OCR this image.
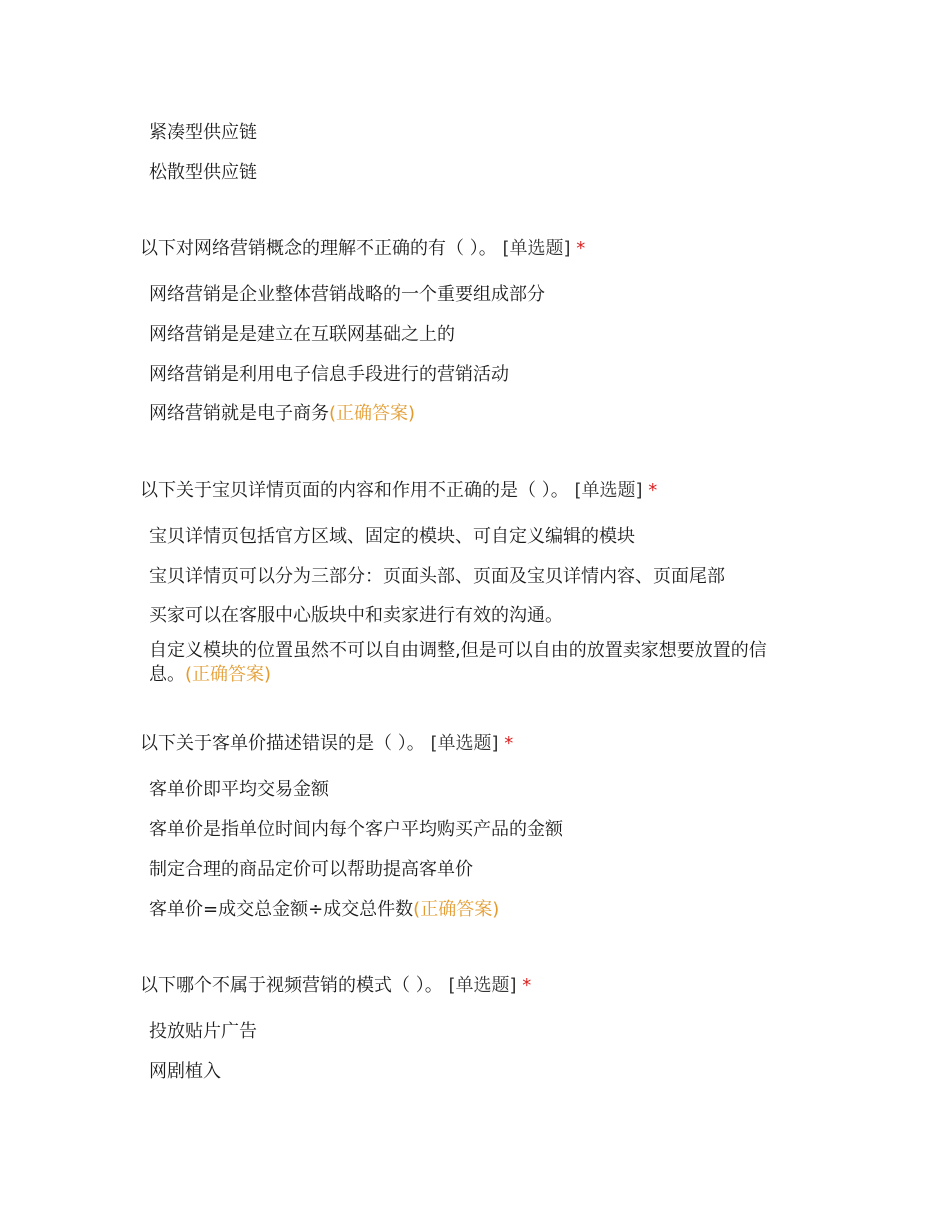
紧凑型供应链
松散型供应链
以下对网络营销概念的理解不正确的有（ ）。 [单选题] *
网络营销是企业整体营销战略的一个重要组成部分
网络营销是是建立在互联网基础之上的
网络营销是利用电子信息手段进行的营销活动
网络营销就是电子商务(正确答案)
以下关于宝贝详情页面的内容和作用不正确的是（ ）。 [单选题] *
宝贝详情页包括官方区域、固定的模块、可自定义编辑的模块
宝贝详情页可以分为三部分：页面头部、页面及宝贝详情内容、页面尾部
买家可以在客服中心版块中和卖家进行有效的沟通。
自定义模块的位置虽然不可以自由调整,但是可以自由的放置卖家想要放置的信息。(正确答案)
以下关于客单价描述错误的是（ ）。 [单选题] *
客单价即平均交易金额
客单价是指单位时间内每个客户平均购买产品的金额
制定合理的商品定价可以帮助提高客单价
客单价=成交总金额÷成交总件数(正确答案)
以下哪个不属于视频营销的模式（ ）。 [单选题] *
投放贴片广告
网剧植入
